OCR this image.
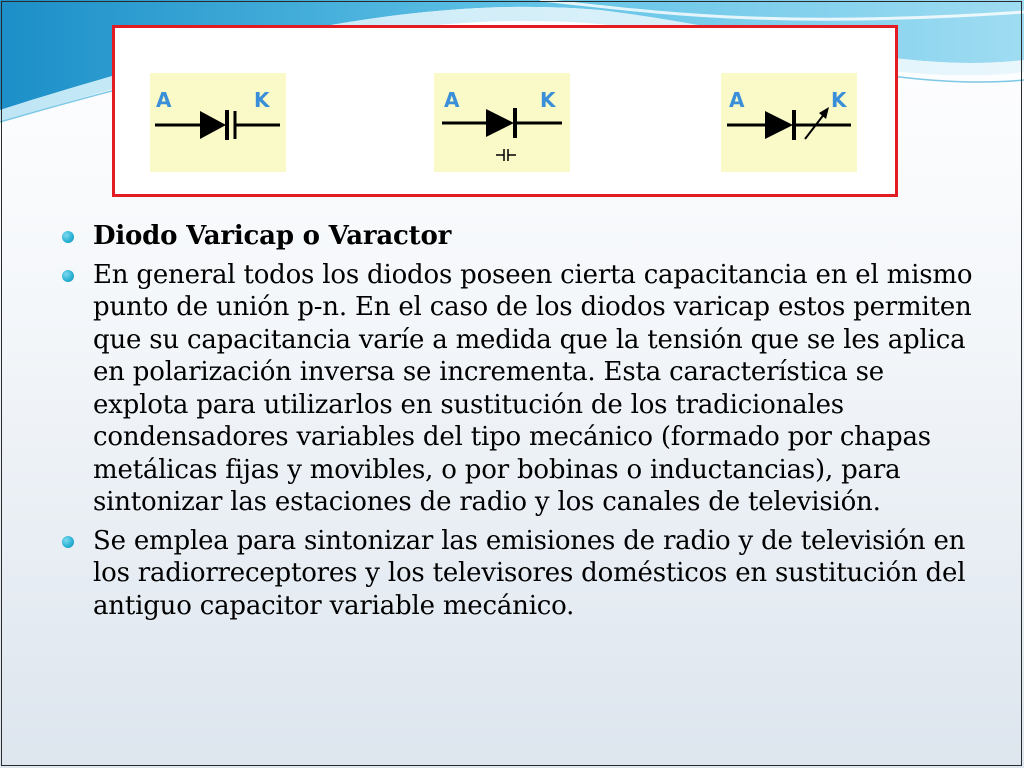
A	K	A	K	A	K
Diodo Varicap o Varactor
En general todos los diodos poseen cierta capacitancia en el mismo punto de unión p-n. En el caso de los diodos varicap estos permiten que su capacitancia varíe a medida que la tensión que se les aplica en polarización inversa se incrementa. Esta característica se explota para utilizarlos en sustitución de los tradicionales condensadores variables del tipo mecánico (formado por chapas metálicas fijas y movibles, o por bobinas o inductancias), para sintonizar las estaciones de radio y los canales de televisión.
Se emplea para sintonizar las emisiones de radio y de televisión en los radiorreceptores y los televisores domésticos en sustitución del antiguo capacitor variable mecánico.
